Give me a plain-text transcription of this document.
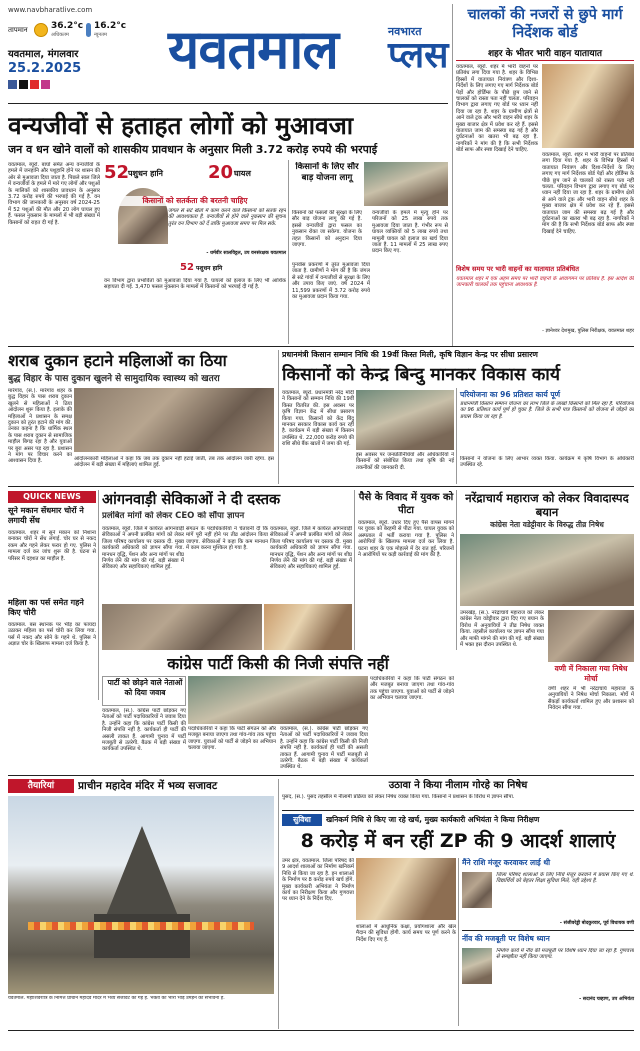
www.navbharatlive.com
तापमान	36.2°c
अधिकतम
16.2°c
न्यूनतम
यवतमाल, मंगलवार
25.2.2025 यवतमाल	नवभारत
प्लस
चालकों की नजरों से छुपे मार्ग निर्देशक बोर्ड
शहर के भीतर भारी वाहन यातायात
यवतमाल, ब्यूरो. शहर में भारी वाहनों पर प्रतिबंध लगा दिया गया है. शहर के विभिन्न हिस्सों में यातायात नियंत्रण और दिशा-निर्देशों के लिए लगाए गए मार्ग निर्देशक बोर्ड पेड़ों और होर्डिंग्स के पीछे छुप जाने से चालकों को रास्ता पता नहीं चलता. परिवहन विभाग द्वारा लगाए गए बोर्ड पर ध्यान नहीं दिया जा रहा है. शहर के ग्रामीण क्षेत्रों से आने वाले ट्रक और भारी वाहन सीधे शहर के मुख्य बाजार क्षेत्र में प्रवेश कर रहे हैं. इससे यातायात जाम की समस्या बढ़ गई है और दुर्घटनाओं का खतरा भी बढ़ रहा है. नागरिकों ने मांग की है कि सभी निर्देशक बोर्ड साफ और स्पष्ट दिखाई देने चाहिए.
यवतमाल, ब्यूरो. शहर में भारी वाहनों पर प्रतिबंध लगा दिया गया है. शहर के विभिन्न हिस्सों में यातायात नियंत्रण और दिशा-निर्देशों के लिए लगाए गए मार्ग निर्देशक बोर्ड पेड़ों और होर्डिंग्स के पीछे छुप जाने से चालकों को रास्ता पता नहीं चलता. परिवहन विभाग द्वारा लगाए गए बोर्ड पर ध्यान नहीं दिया जा रहा है. शहर के ग्रामीण क्षेत्रों से आने वाले ट्रक और भारी वाहन सीधे शहर के मुख्य बाजार क्षेत्र में प्रवेश कर रहे हैं. इससे यातायात जाम की समस्या बढ़ गई है और दुर्घटनाओं का खतरा भी बढ़ रहा है. नागरिकों ने मांग की है कि सभी निर्देशक बोर्ड साफ और स्पष्ट दिखाई देने चाहिए.
विशेष समय पर भारी वाहनों का यातायात प्रतिबंधित
यवतमाल शहर में एक अहम समय पर भारी वाहनों के आवागमन पर प्रतिबंध है. इस आदेश की जानकारी चालकों तक पहुंचाना आवश्यक है.
- ज्ञानेश्वर देशमुख, पुलिस निरीक्षक, यवतमाल शहर
वन्यजीवों से हताहत लोगों को मुआवजा
जन व धन खोने वालों को शासकीय प्रावधान के अनुसार मिली 3.72 करोड़ रुपये की भरपाई
यवतमाल, ब्यूरो. बाघों समेत अन्य वन्यजीवों के हमले में जनहानि और पशुहानि होने पर शासन की ओर से मुआवजा दिया जाता है. पिछले साल जिले में वन्यजीवों के हमले में मारे गए लोगों और पशुओं के मालिकों को शासकीय प्रावधान के अनुसार 3.72 करोड़ रुपये की भरपाई की गई है. वन विभाग की जानकारी के अनुसार वर्ष 2024-25 में 52 पशुओं की मौत और 20 लोग घायल हुए हैं. फसल नुकसान के मामलों में भी बड़ी संख्या में किसानों को राहत दी गई है.
52
पशुधन हानि	20 घायल
किसानों को सतर्कता की बरतनी चाहिए
जंगल से सटे खेतों में काम करने वाले किसानों को सतर्क रहने की आवश्यकता है. वन्यजीवों से होने वाले नुकसान की सूचना तुरंत वन विभाग को दें ताकि मुआवजा समय पर मिल सके.
- धर्मवीर सालविट्ठल, उप वनसंरक्षक यवतमाल
52 पशुधन हानि
वन विभाग द्वारा प्रभावितों को मुआवजा दिया गया है. घायलों को इलाज के लिए भी आर्थिक सहायता दी गई. 3,470 फसल नुकसान के मामलों में किसानों को भरपाई दी गई है.
किसानों के लिए सौर बाड़ योजना लागू
किसानों को फसलों की सुरक्षा के लिए सौर बाड़ योजना लागू की गई है. इससे वन्यजीवों द्वारा फसल का नुकसान रोका जा सकेगा. योजना के तहत किसानों को अनुदान दिया जाएगा.
पुनर्वास प्रकरणों में तुरंत मुआवजा दिया जाता है. ग्रामीणों ने मांग की है कि जंगल से सटे गांवों में वन्यजीवों से सुरक्षा के लिए और उपाय किए जाएं. वर्ष 2024 में 11,599 प्रकरणों में 3.72 करोड़ रुपये का मुआवजा प्रदान किया गया.
वन्यजीवों के हमले में मृत्यु होने पर परिजनों को 25 लाख रुपये तक मुआवजा दिया जाता है. गंभीर रूप से घायल व्यक्तियों को 5 लाख रुपये तथा मामूली घायल को इलाज का खर्च दिया जाता है. 11 मामलों में 25 लाख रुपए प्रदान किए गए.
शराब दुकान हटाने महिलाओं का ठिया
बुद्ध विहार के पास दुकान खुलने से सामुदायिक स्वास्थ्य को खतरा
मारेगांव, (स.). मारेगांव शहर के बुद्ध विहार के पास शराब दुकान खुलने से महिलाओं ने ठिया आंदोलन शुरू किया है. इलाके की महिलाओं ने प्रशासन के समक्ष दुकान को तुरंत हटाने की मांग की. उनका कहना है कि धार्मिक स्थल के पास शराब दुकान से सामाजिक माहौल बिगड़ रहा है और युवाओं पर बुरा असर पड़ रहा है. प्रशासन ने मांग पर विचार करने का आश्वासन दिया है.	आंदोलनकारी महिलाओं ने कहा कि जब तक दुकान नहीं हटाई जाती, तब तक आंदोलन जारी रहेगा. इस आंदोलन में बड़ी संख्या में महिलाएं शामिल हुईं.
प्रधानमंत्री किसान सम्मान निधि की 19वीं किस्त मिली, कृषि विज्ञान केन्द्र पर सीधा प्रसारण
किसानों को केन्द्र बिन्दु मानकर विकास कार्य
यवतमाल, ब्यूरो. प्रधानमंत्री नरेंद्र मोदी ने किसानों को सम्मान निधि की 19वीं किस्त वितरित की. इस अवसर पर कृषि विज्ञान केंद्र में सीधा प्रसारण किया गया. किसानों को केंद्र बिंदु मानकर सरकार विकास कार्य कर रही है. कार्यक्रम में बड़ी संख्या में किसान उपस्थित थे. 22,000 करोड़ रुपये की राशि सीधे बैंक खातों में जमा की गई.
इस अवसर पर जनप्रतिनिधियों और अधिकारियों ने किसानों को संबोधित किया तथा कृषि की नई तकनीकों की जानकारी दी.
परियोजना का 96 प्रतिशत कार्य पूर्ण
प्रधानमंत्री किसान सम्मान योजना का लाभ जिले के लाखों किसानों को मिल रहा है. परियोजना का 96 प्रतिशत कार्य पूर्ण हो चुका है. जिले के सभी पात्र किसानों को योजना से जोड़ने का प्रयास किया जा रहा है.
किसानों ने योजना के लिए आभार व्यक्त किया. कार्यक्रम में कृषि विभाग के अधिकारी उपस्थित रहे.
QUICK NEWS
सूने मकान सेंधमार चोरों ने लगायी सेंध
यवतमाल. शहर में सूने मकान को निशाना बनाकर चोरों ने सेंध लगाई. चोर घर से नकद रकम और गहने लेकर फरार हो गए. पुलिस ने मामला दर्ज कर जांच शुरू की है. घटना से परिसर में दहशत का माहौल है.
महिला का पर्स समेत गहने किए चोरी
यवतमाल. बस स्थानक पर भीड़ का फायदा उठाकर महिला का पर्स चोरी कर लिया गया. पर्स में नकद और सोने के गहने थे. पुलिस ने अज्ञात चोर के खिलाफ मामला दर्ज किया है.
आंगनवाड़ी सेविकाओं ने दी दस्तक
प्रलंबित मांगों को लेकर CEO को सौंपा ज्ञापन
यवतमाल, ब्यूरो. जिले में कार्यरत आंगनवाड़ी सेविकाओं ने अपनी प्रलंबित मांगों को लेकर जिला परिषद कार्यालय पर दस्तक दी. मुख्य कार्यकारी अधिकारी को ज्ञापन सौंपा गया. मानधन वृद्धि, पेंशन और अन्य मांगों पर शीघ्र निर्णय लेने की मांग की गई. बड़ी संख्या में सेविकाएं और सहायिकाएं शामिल हुईं.
संगठन के पदाधिकारियों ने चेतावनी दी कि मांगें पूरी नहीं होने पर तीव्र आंदोलन किया जाएगा. सेविकाओं ने कहा कि कम मानधन में काम करना मुश्किल हो गया है.
यवतमाल, ब्यूरो. जिले में कार्यरत आंगनवाड़ी सेविकाओं ने अपनी प्रलंबित मांगों को लेकर जिला परिषद कार्यालय पर दस्तक दी. मुख्य कार्यकारी अधिकारी को ज्ञापन सौंपा गया. मानधन वृद्धि, पेंशन और अन्य मांगों पर शीघ्र निर्णय लेने की मांग की गई. बड़ी संख्या में सेविकाएं और सहायिकाएं शामिल हुईं.
पैसे के विवाद में युवक को पीटा
यवतमाल, ब्यूरो. उधार दिए हुए पैसे वापस मांगने पर युवक को बेरहमी से पीटा गया. घायल युवक को अस्पताल में भर्ती कराया गया है. पुलिस ने आरोपियों के खिलाफ मामला दर्ज कर लिया है. घटना शहर के एक मोहल्ले में देर रात हुई. परिजनों ने आरोपियों पर कड़ी कार्रवाई की मांग की है.
नरेंद्राचार्य महाराज को लेकर विवादास्पद बयान
कांग्रेस नेता वडेट्टीवार के विरुद्ध तीव्र निषेध
उमरखेड़, (स.). नरेंद्राचार्य महाराज को लेकर कांग्रेस नेता वडेट्टीवार द्वारा दिए गए बयान के विरोध में अनुयायियों ने तीव्र निषेध व्यक्त किया. तहसील कार्यालय पर ज्ञापन सौंपा गया और माफी मांगने की मांग की गई. बड़ी संख्या में भक्त इस दौरान उपस्थित थे.
वणी में निकाला गया निषेध मोर्चा
वणी शहर में भी नरेंद्राचार्य महाराज के अनुयायियों ने निषेध मोर्चा निकाला. मोर्चे में सैकड़ों कार्यकर्ता शामिल हुए और प्रशासन को निवेदन सौंपा गया.
कांग्रेस पार्टी किसी की निजी संपत्ति नहीं
पार्टी को छोड़ने वाले नेताओं को दिया जवाब
यवतमाल, (स.). कांग्रेस पार्टी छोड़कर गए नेताओं को पार्टी पदाधिकारियों ने जवाब दिया है. उन्होंने कहा कि कांग्रेस पार्टी किसी की निजी संपत्ति नहीं है. कार्यकर्ता ही पार्टी की असली ताकत हैं. आगामी चुनाव में पार्टी मजबूती से उतरेगी. बैठक में बड़ी संख्या में कार्यकर्ता उपस्थित थे.
पदाधिकारियों ने कहा कि पार्टी संगठन को और मजबूत बनाया जाएगा तथा गांव-गांव तक पहुंचा जाएगा. युवाओं को पार्टी से जोड़ने का अभियान चलाया जाएगा.
यवतमाल, (स.). कांग्रेस पार्टी छोड़कर गए नेताओं को पार्टी पदाधिकारियों ने जवाब दिया है. उन्होंने कहा कि कांग्रेस पार्टी किसी की निजी संपत्ति नहीं है. कार्यकर्ता ही पार्टी की असली ताकत हैं. आगामी चुनाव में पार्टी मजबूती से उतरेगी. बैठक में बड़ी संख्या में कार्यकर्ता उपस्थित थे.
पदाधिकारियों ने कहा कि पार्टी संगठन को और मजबूत बनाया जाएगा तथा गांव-गांव तक पहुंचा जाएगा. युवाओं को पार्टी से जोड़ने का अभियान चलाया जाएगा.
तैयारियां	प्राचीन महादेव मंदिर में भव्य सजावट
यवतमाल. महाशिवरात्रि के निमित्त प्राचीन महादेव मंदिर में भव्य सजावट की गई है. भक्तों की भारी भीड़ उमड़ने की संभावना है.
उठावा ने किया नीलाम गोरहे का निषेध
पुसद, (स.). पुसद तहसील में नीलामी प्रक्रिया को लेकर निषेध व्यक्त किया गया. किसानों ने प्रशासन के विरोध में ज्ञापन सौंपा.
सुविधा	खनिकर्म निधि से किए जा रहे खर्च, मुख्य कार्यकारी अभियंता ने किया निरीक्षण
8 करोड़ में बन रहीं ZP की 9 आदर्श शालाएं
उमर क्षेत्र, यवतमाल. जिला परिषद की 9 आदर्श शालाओं का निर्माण खनिकर्म निधि से किया जा रहा है. इन शालाओं के निर्माण पर 8 करोड़ रुपये खर्च होंगे. मुख्य कार्यकारी अभियंता ने निर्माण कार्य का निरीक्षण किया और गुणवत्ता पर ध्यान देने के निर्देश दिए.
शालाओं में आधुनिक कक्षा, प्रयोगशाला और खेल मैदान की सुविधा होगी. कार्य समय पर पूर्ण करने के निर्देश दिए गए हैं.
मैंने राशि मंजूर करवाकर लाई थी
जिला परिषद शालाओं के लिए निधि मंजूर करवाने में प्रयास किए गए थे. विद्यार्थियों को बेहतर शिक्षा सुविधा मिले, यही उद्देश्य है.
- संजीवरेड्डी बोदकुरवार, पूर्व विधायक वणी
नींव की मजबूती पर विशेष ध्यान
निर्माण कार्य में नींव की मजबूती पर विशेष ध्यान दिया जा रहा है. गुणवत्ता से समझौता नहीं किया जाएगा.
- सदानंद चव्हाण, उप अभियंता
